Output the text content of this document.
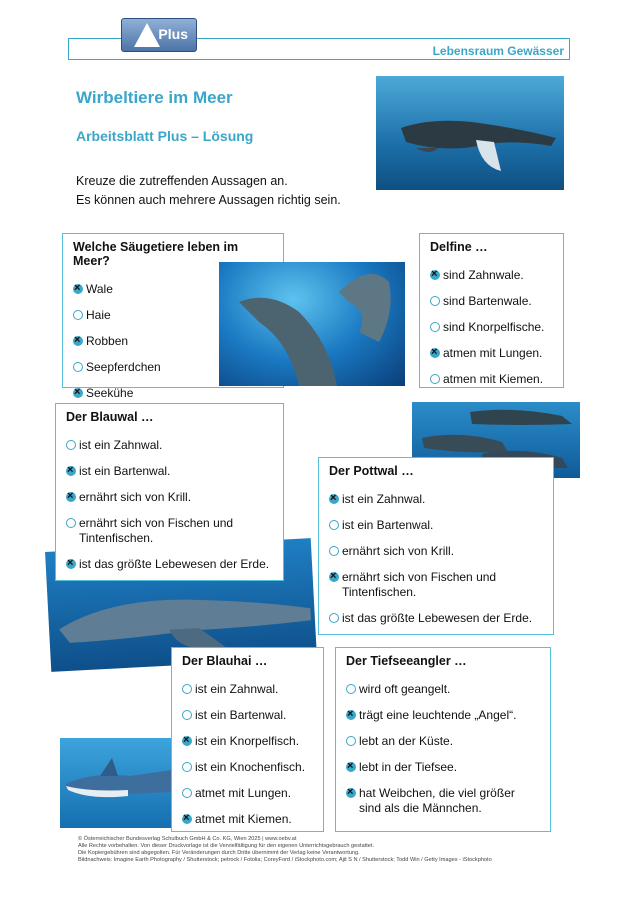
Plus
Lebensraum Gewässer
Wirbeltiere im Meer
Arbeitsblatt Plus – Lösung
Kreuze die zutreffenden Aussagen an.
Es können auch mehrere Aussagen richtig sein.
Welche Säugetiere leben im Meer?
×
Wale
Haie
×
Robben
Seepferdchen
×
Seekühe
Delfine …
×
sind Zahnwale.
sind Bartenwale.
sind Knorpelfische.
×
atmen mit Lungen.
atmen mit Kiemen.
Der Blauwal …
ist ein Zahnwal.
×
ist ein Bartenwal.
×
ernährt sich von Krill.
ernährt sich von Fischen und Tintenfischen.
×
ist das größte Lebewesen der Erde.
Der Pottwal …
×
ist ein Zahnwal.
ist ein Bartenwal.
ernährt sich von Krill.
×
ernährt sich von Fischen und Tintenfischen.
ist das größte Lebewesen der Erde.
Der Blauhai …
ist ein Zahnwal.
ist ein Bartenwal.
×
ist ein Knorpelfisch.
ist ein Knochenfisch.
atmet mit Lungen.
×
atmet mit Kiemen.
Der Tiefseeangler …
wird oft geangelt.
×
trägt eine leuchtende „Angel“.
lebt an der Küste.
×
lebt in der Tiefsee.
×
hat Weibchen, die viel größer sind als die Männchen.
© Österreichischer Bundesverlag Schulbuch GmbH & Co. KG, Wien 2025 | www.oebv.at
Alle Rechte vorbehalten. Von dieser Druckvorlage ist die Vervielfältigung für den eigenen Unterrichtsgebrauch gestattet.
Die Kopiergebühren sind abgegolten. Für Veränderungen durch Dritte übernimmt der Verlag keine Verantwortung.
Bildnachweis: Imagine Earth Photography / Shutterstock; petrock / Fotolia; CoreyFord / iStockphoto.com; Ajit S N / Shutterstock; Todd Win / Getty Images - iStockphoto
